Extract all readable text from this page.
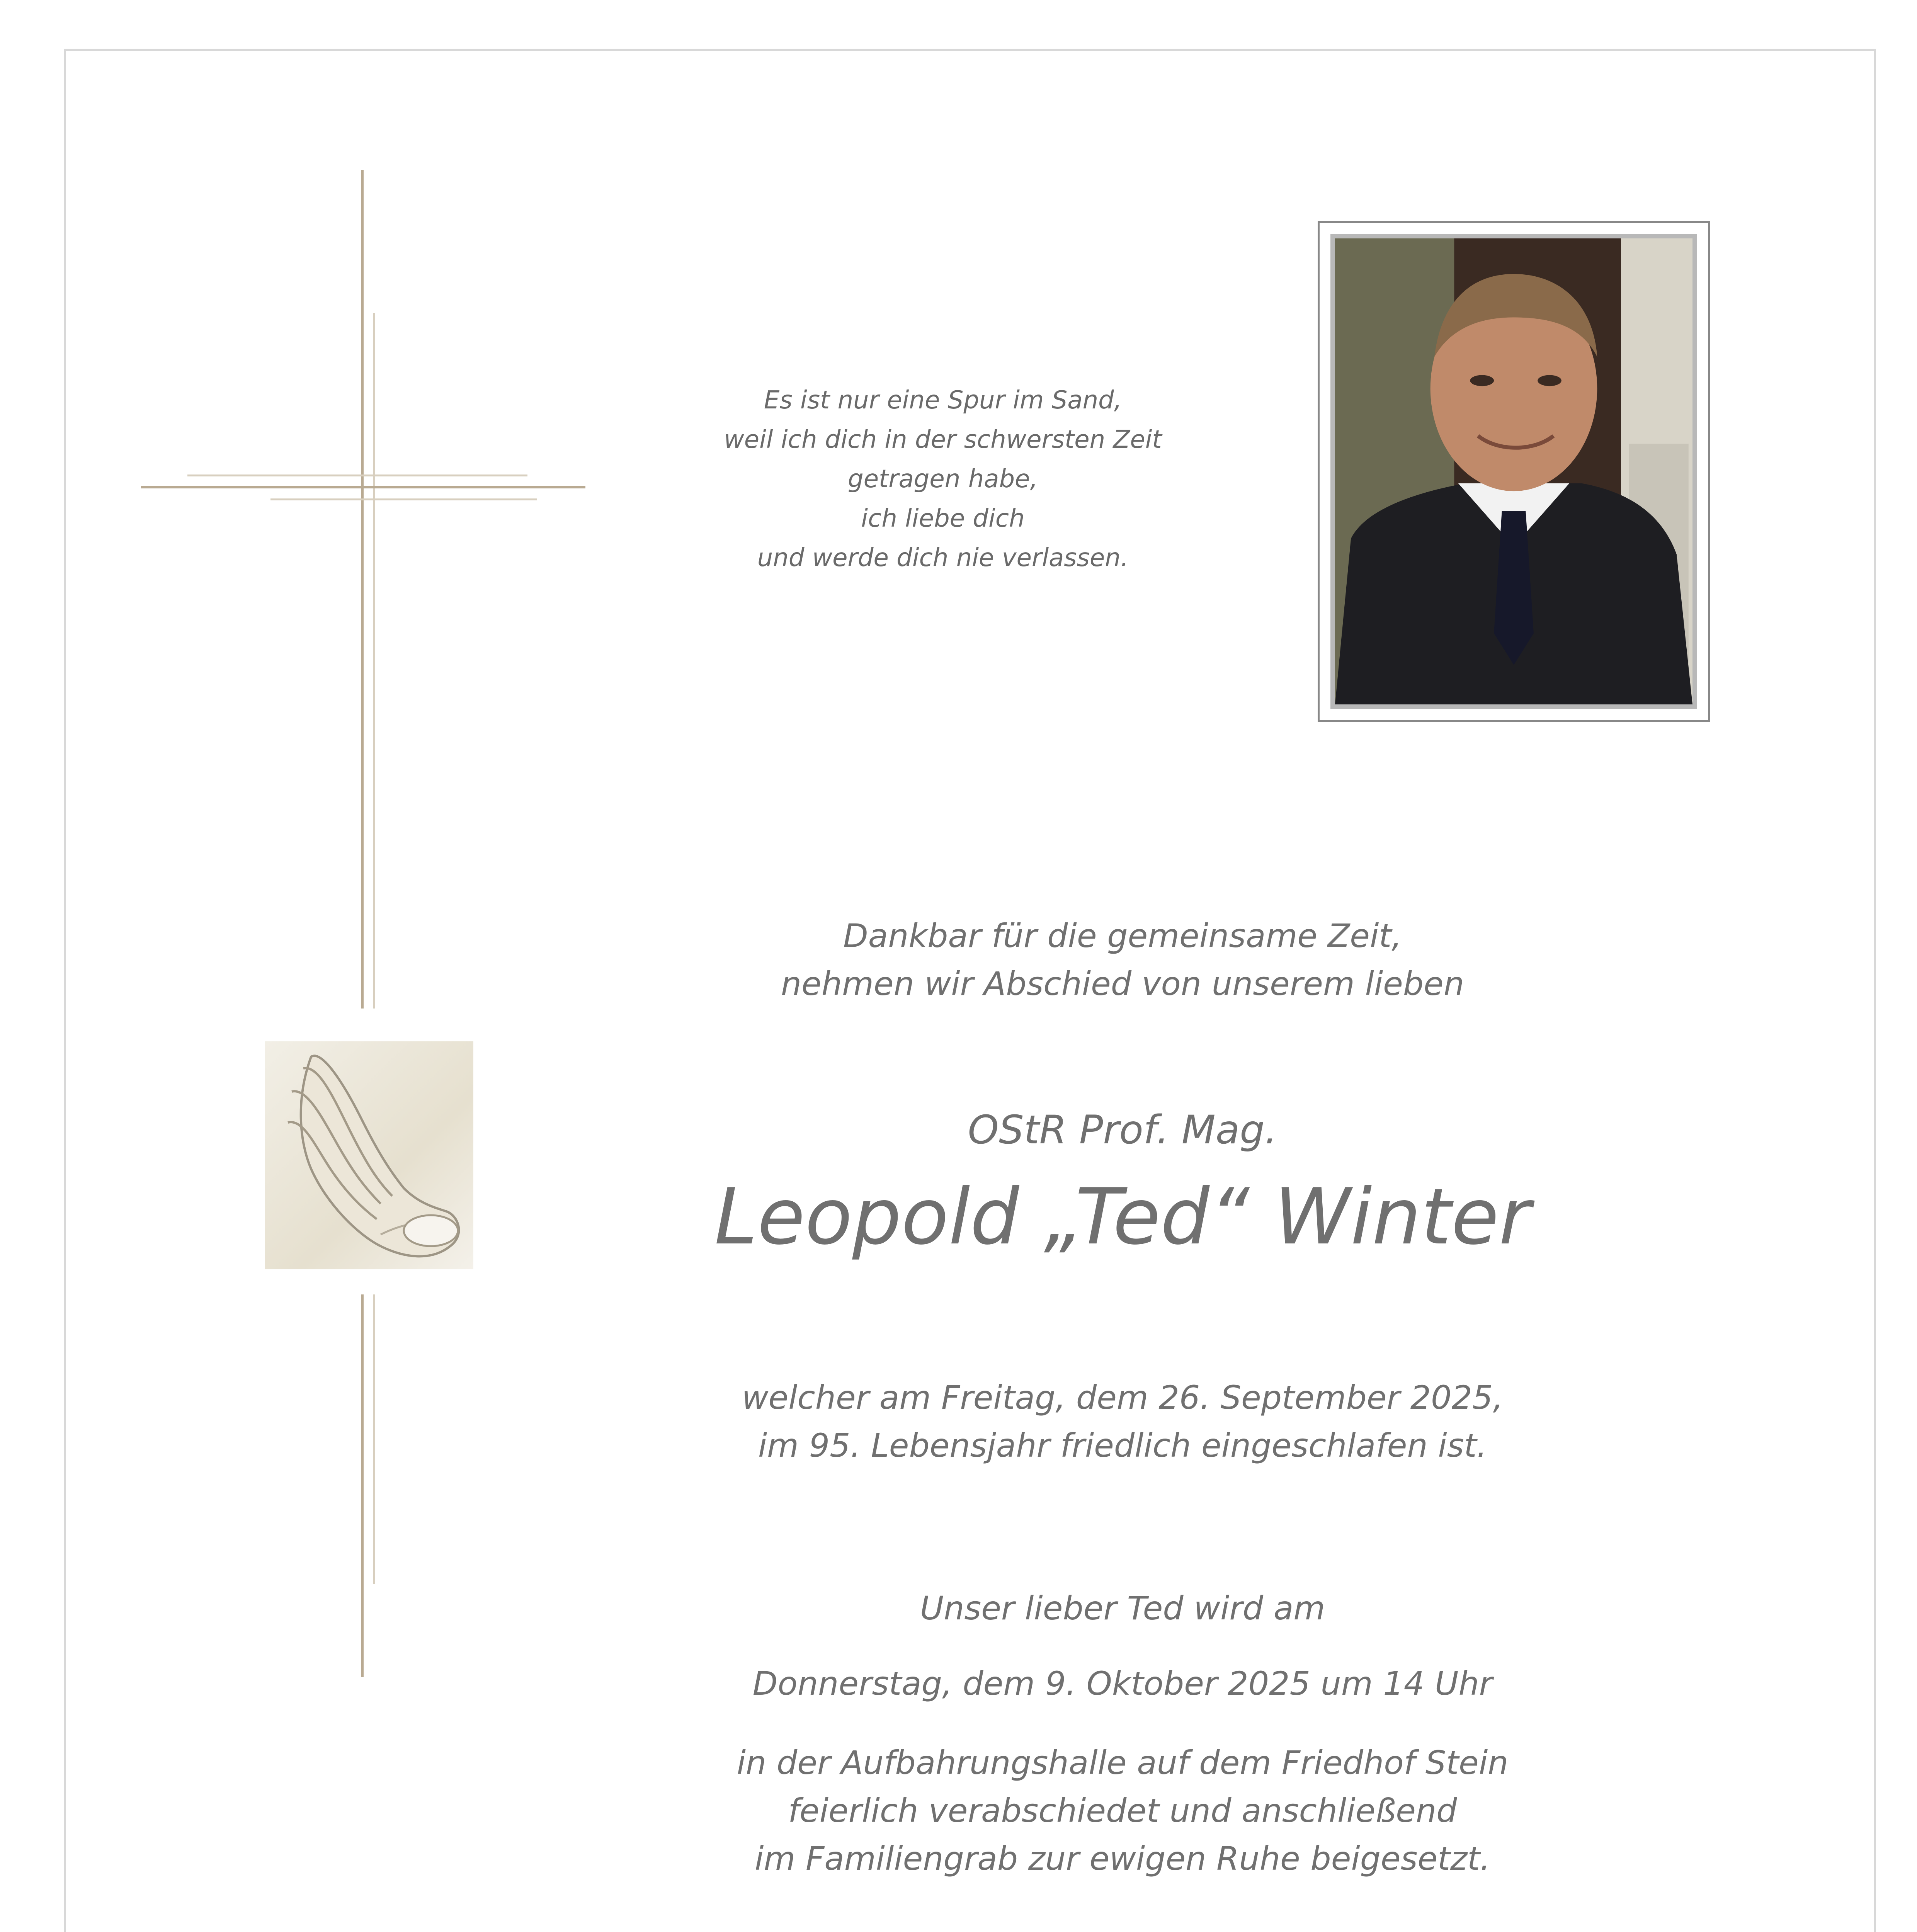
Es ist nur eine Spur im Sand,
weil ich dich in der schwersten Zeit
getragen habe,
ich liebe dich
und werde dich nie verlassen.
Dankbar für die gemeinsame Zeit,
nehmen wir Abschied von unserem lieben
OStR Prof. Mag.
Leopold „Ted“ Winter
welcher am Freitag, dem 26. September 2025,
im 95. Lebensjahr friedlich eingeschlafen ist.
Unser lieber Ted wird am
Donnerstag, dem 9. Oktober 2025 um 14 Uhr
in der Aufbahrungshalle auf dem Friedhof Stein
feierlich verabschiedet und anschließend
im Familiengrab zur ewigen Ruhe beigesetzt.
